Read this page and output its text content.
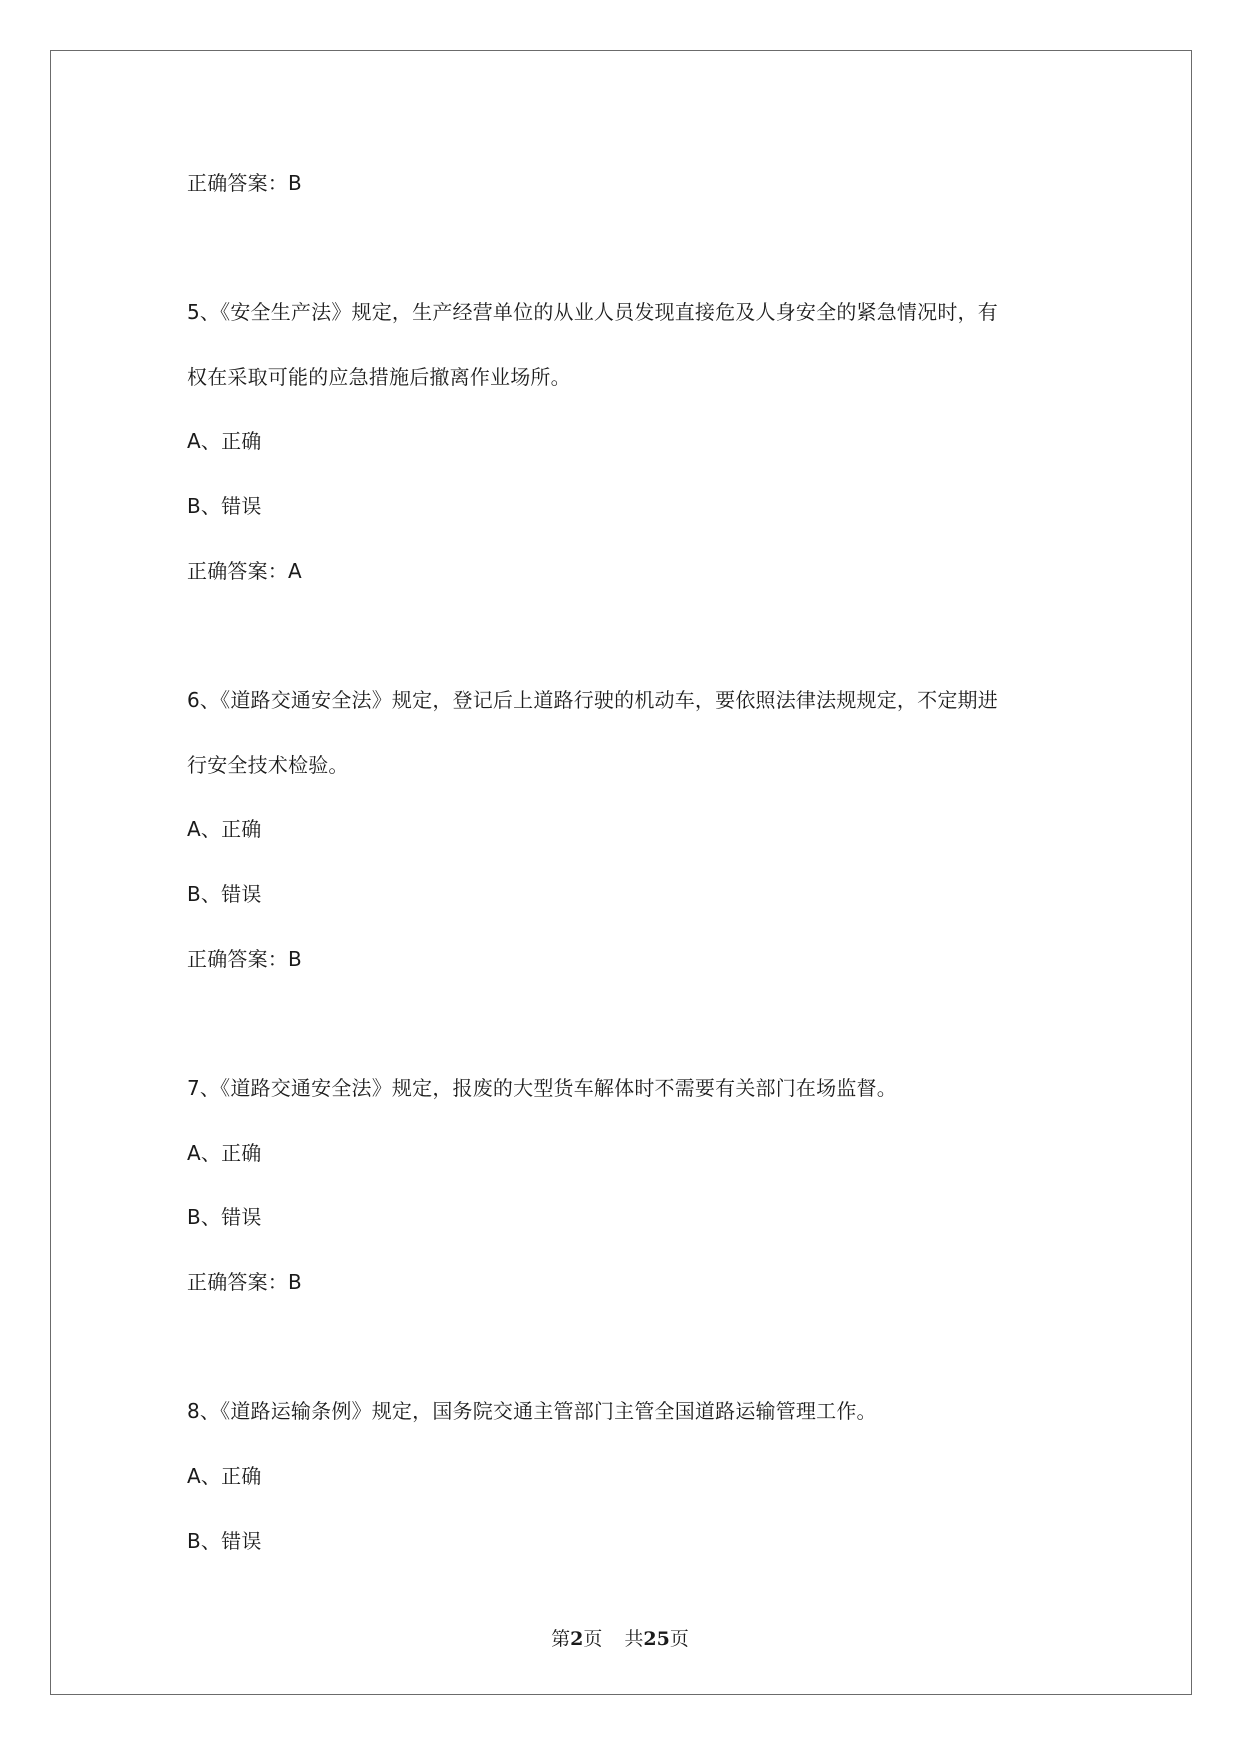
正确答案：B
5、《安全生产法》规定，生产经营单位的从业人员发现直接危及人身安全的紧急情况时，有
权在采取可能的应急措施后撤离作业场所。
A、正确
B、错误
正确答案：A
6、《道路交通安全法》规定，登记后上道路行驶的机动车，要依照法律法规规定，不定期进
行安全技术检验。
A、正确
B、错误
正确答案：B
7、《道路交通安全法》规定，报废的大型货车解体时不需要有关部门在场监督。
A、正确
B、错误
正确答案：B
8、《道路运输条例》规定，国务院交通主管部门主管全国道路运输管理工作。
A、正确
B、错误
第2页 共25页
